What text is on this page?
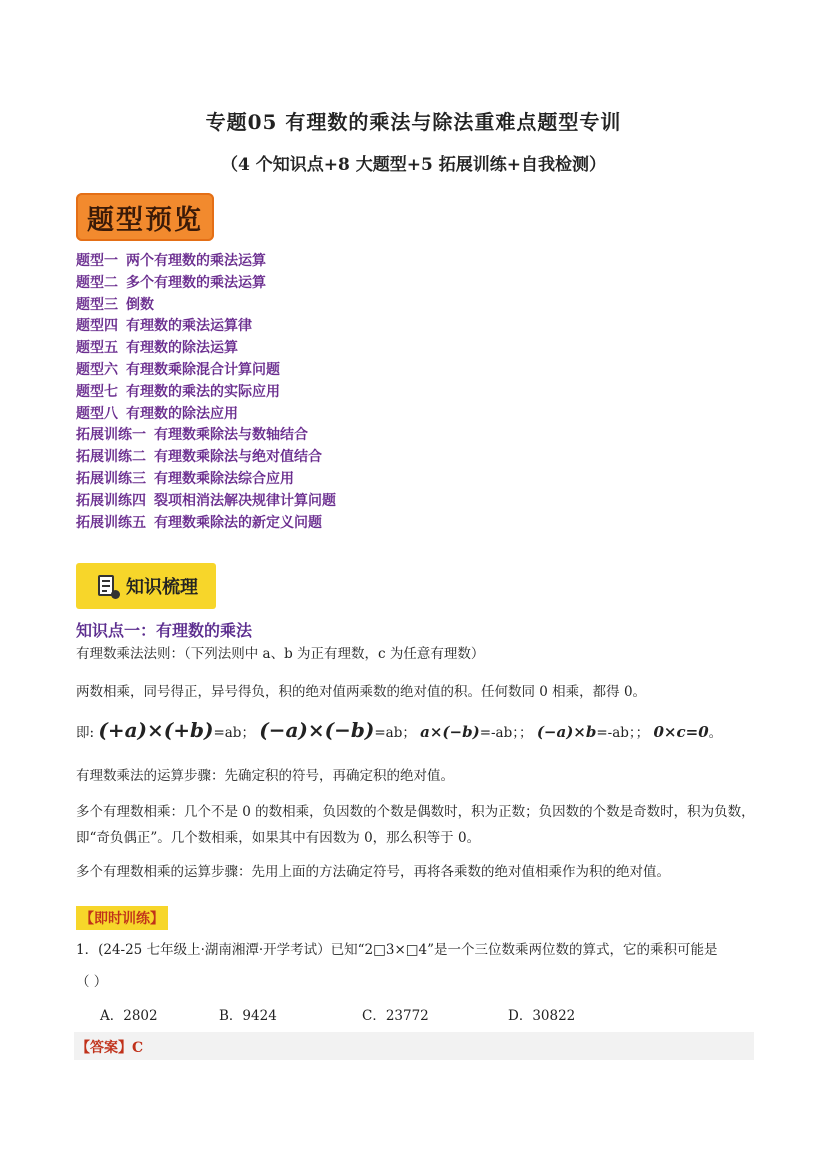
专题05 有理数的乘法与除法重难点题型专训
（4 个知识点+8 大题型+5 拓展训练+自我检测）
题型预览
题型一 两个有理数的乘法运算
题型二 多个有理数的乘法运算
题型三 倒数
题型四 有理数的乘法运算律
题型五 有理数的除法运算
题型六 有理数乘除混合计算问题
题型七 有理数的乘法的实际应用
题型八 有理数的除法应用
拓展训练一 有理数乘除法与数轴结合
拓展训练二 有理数乘除法与绝对值结合
拓展训练三 有理数乘除法综合应用
拓展训练四 裂项相消法解决规律计算问题
拓展训练五 有理数乘除法的新定义问题
知识梳理
知识点一：有理数的乘法
有理数乘法法则：（下列法则中 a、b 为正有理数，c 为任意有理数）
两数相乘，同号得正，异号得负，积的绝对值两乘数的绝对值的积。任何数同 0 相乘，都得 0。
即: (+a)×(+b)=ab； (−a)×(−b)=ab； a×(−b)=-ab；； (−a)×b=-ab；； 0×c=0。
有理数乘法的运算步骤：先确定积的符号，再确定积的绝对值。
多个有理数相乘：几个不是 0 的数相乘，负因数的个数是偶数时，积为正数；负因数的个数是奇数时，积为负数，即“奇负偶正”。几个数相乘，如果其中有因数为 0，那么积等于 0。
多个有理数相乘的运算步骤：先用上面的方法确定符号，再将各乘数的绝对值相乘作为积的绝对值。
【即时训练】
1．(24-25 七年级上·湖南湘潭·开学考试）已知“2□3×□4”是一个三位数乘两位数的算式，它的乘积可能是
（ ）
A．2802	B．9424	C．23772	D．30822
【答案】C
